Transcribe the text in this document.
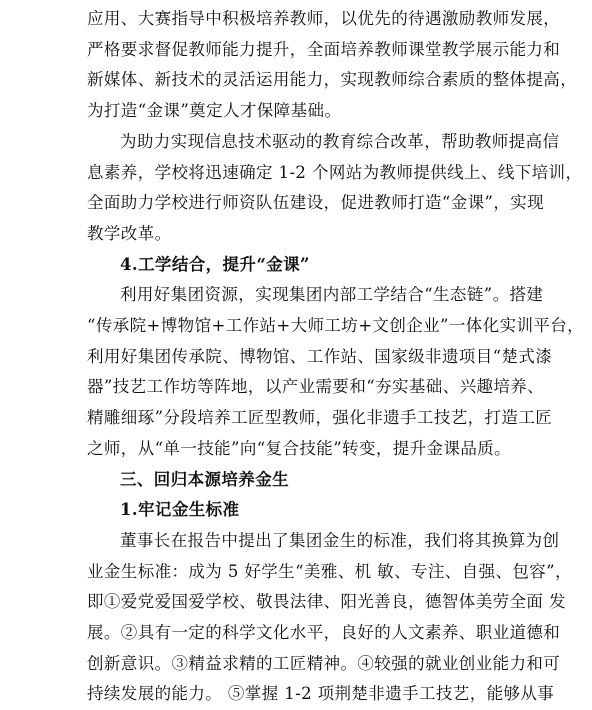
应用、大赛指导中积极培养教师，以优先的待遇激励教师发展，

严格要求督促教师能力提升，全面培养教师课堂教学展示能力和

新媒体、新技术的灵活运用能力，实现教师综合素质的整体提高，

为打造“金课”奠定人才保障基础。

为助力实现信息技术驱动的教育综合改革，帮助教师提高信

息素养，学校将迅速确定 1-2 个网站为教师提供线上、线下培训，

全面助力学校进行师资队伍建设，促进教师打造“金课”，实现

教学改革。

4.工学结合，提升“金课”

利用好集团资源，实现集团内部工学结合“生态链”。搭建

“传承院+博物馆+工作站+大师工坊+文创企业”一体化实训平台，

利用好集团传承院、博物馆、工作站、国家级非遗项目“楚式漆

器”技艺工作坊等阵地，以产业需要和“夯实基础、兴趣培养、

精雕细琢”分段培养工匠型教师，强化非遗手工技艺，打造工匠

之师，从“单一技能”向“复合技能”转变，提升金课品质。

三、回归本源培养金生

1.牢记金生标准

董事长在报告中提出了集团金生的标准，我们将其换算为创

业金生标准：成为 5 好学生“美雅、机 敏、专注、自强、包容”，

即①爱党爱国爱学校、敬畏法律、阳光善良，德智体美劳全面 发

展。②具有一定的科学文化水平，良好的人文素养、职业道德和

创新意识。③精益求精的工匠精神。④较强的就业创业能力和可

持续发展的能力。 ⑤掌握 1-2 项荆楚非遗手工技艺，能够从事
